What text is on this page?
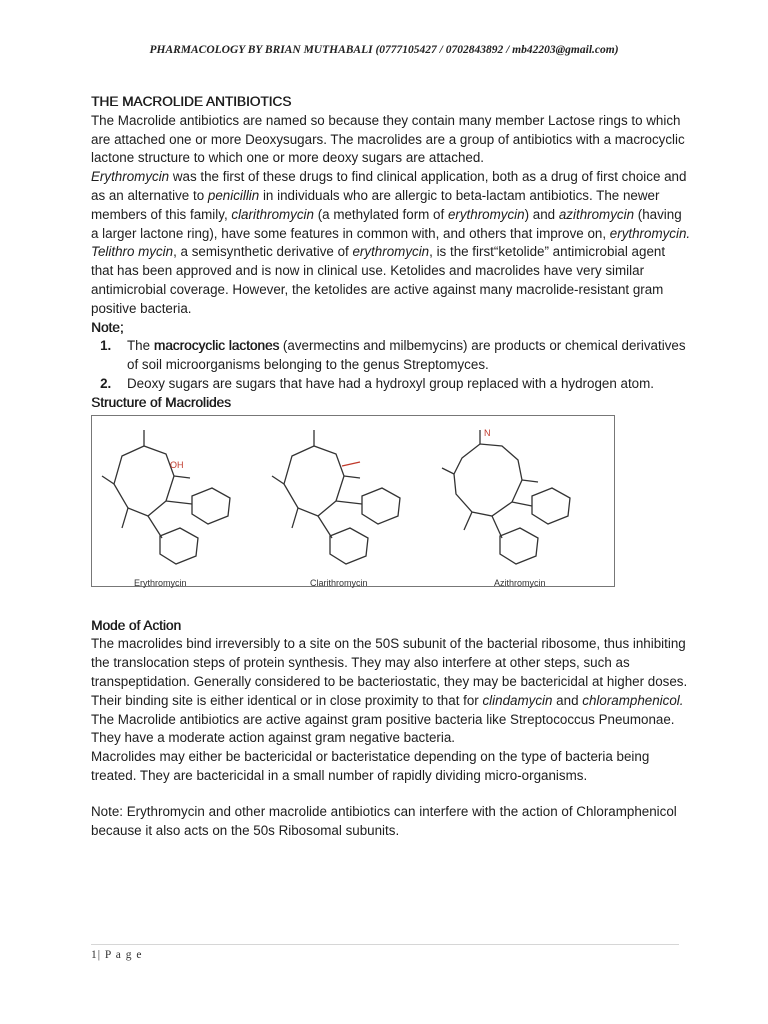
PHARMACOLOGY BY BRIAN MUTHABALI (0777105427 / 0702843892 / mb42203@gmail.com)
THE MACROLIDE ANTIBIOTICS

The Macrolide antibiotics are named so because they contain many member Lactose rings to which are attached one or more Deoxysugars. The macrolides are a group of antibiotics with a macrocyclic lactone structure to which one or more deoxy sugars are attached.

Erythromycin was the first of these drugs to find clinical application, both as a drug of first choice and as an alternative to penicillin in individuals who are allergic to beta-lactam antibiotics. The newer members of this family, clarithromycin (a methylated form of erythromycin) and azithromycin (having a larger lactone ring), have some features in common with, and others that improve on, erythromycin. Telithro mycin, a semisynthetic derivative of erythromycin, is the first“ketolide” antimicrobial agent that has been approved and is now in clinical use. Ketolides and macrolides have very similar antimicrobial coverage. However, the ketolides are active against many macrolide-resistant gram positive bacteria.

Note;
1. The macrocyclic lactones (avermectins and milbemycins) are products or chemical derivatives of soil microorganisms belonging to the genus Streptomyces.
2. Deoxy sugars are sugars that have had a hydroxyl group replaced with a hydrogen atom.
Structure of Macrolides
OH
N
Erythromycin	Clarithromycin	Azithromycin
Mode of Action

The macrolides bind irreversibly to a site on the 50S subunit of the bacterial ribosome, thus inhibiting the translocation steps of protein synthesis. They may also interfere at other steps, such as transpeptidation. Generally considered to be bacteriostatic, they may be bactericidal at higher doses. Their binding site is either identical or in close proximity to that for clindamycin and chloramphenicol.

The Macrolide antibiotics are active against gram positive bacteria like Streptococcus Pneumonae. They have a moderate action against gram negative bacteria.

Macrolides may either be bactericidal or bacteristatice depending on the type of bacteria being treated. They are bactericidal in a small number of rapidly dividing micro-organisms.

Note: Erythromycin and other macrolide antibiotics can interfere with the action of Chloramphenicol because it also acts on the 50s Ribosomal subunits.

1| P a g e
